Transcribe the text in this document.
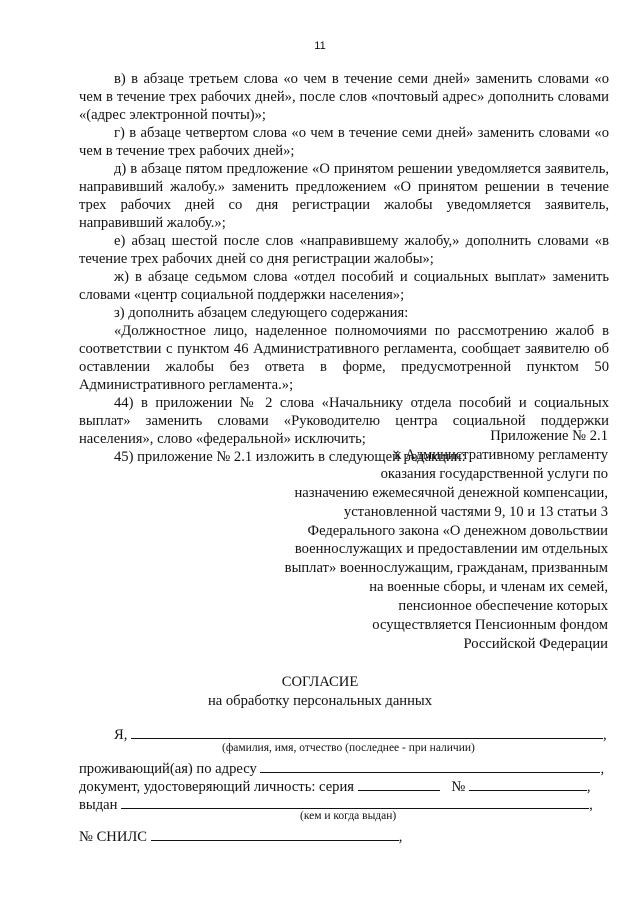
11

в) в абзаце третьем слова «о чем в течение семи дней» заменить словами «о чем в течение трех рабочих дней», после слов «почтовый адрес» дополнить словами «(адрес электронной почты)»;

г) в абзаце четвертом слова «о чем в течение семи дней» заменить словами «о чем в течение трех рабочих дней»;

д) в абзаце пятом предложение «О принятом решении уведомляется заявитель, направивший жалобу.» заменить предложением «О принятом решении в течение трех рабочих дней со дня регистрации жалобы уведомляется заявитель, направивший жалобу.»;

е) абзац шестой после слов «направившему жалобу,» дополнить словами «в течение трех рабочих дней со дня регистрации жалобы»;

ж) в абзаце седьмом слова «отдел пособий и социальных выплат» заменить словами «центр социальной поддержки населения»;

з) дополнить абзацем следующего содержания:

«Должностное лицо, наделенное полномочиями по рассмотрению жалоб в соответствии с пунктом 46 Административного регламента, сообщает заявителю об оставлении жалобы без ответа в форме, предусмотренной пунктом 50 Административного регламента.»;

44) в приложении № 2 слова «Начальнику отдела пособий и социальных выплат» заменить словами «Руководителю центра социальной поддержки населения», слово «федеральной» исключить;

45) приложение № 2.1 изложить в следующей редакции:

Приложение № 2.1
к Административному регламенту
оказания государственной услуги по
назначению ежемесячной денежной компенсации,
установленной частями 9, 10 и 13 статьи 3
Федерального закона «О денежном довольствии
военнослужащих и предоставлении им отдельных
выплат» военнослужащим, гражданам, призванным
на военные сборы, и членам их семей,
пенсионное обеспечение которых
осуществляется Пенсионным фондом
Российской Федерации
СОГЛАСИЕ
на обработку персональных данных
Я,	,
(фамилия, имя, отчество (последнее - при наличии)
проживающий(ая) по адресу	,
документ, удостоверяющий личность: серия	№	,
выдан	,
(кем и когда выдан)
№ СНИЛС	,
